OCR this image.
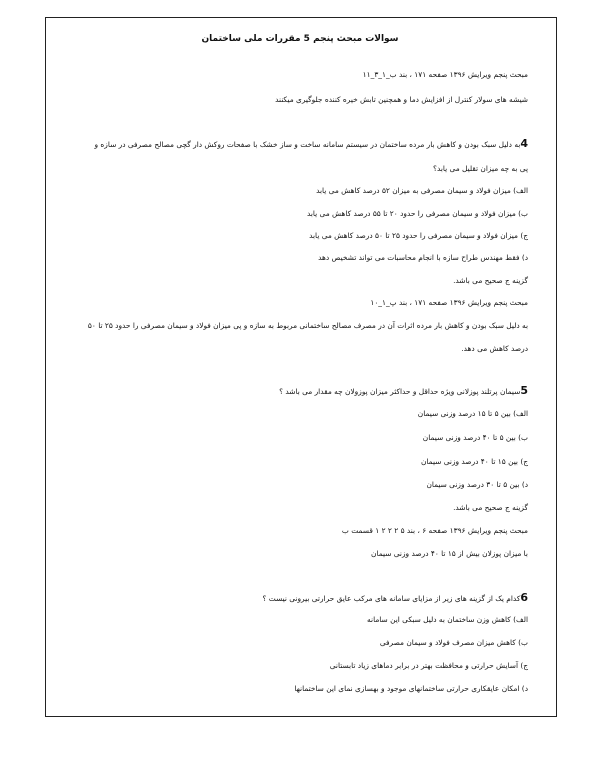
سوالات مبحث پنجم 5 مقررات ملی ساختمان
مبحث پنجم ویرایش ۱۳۹۶ صفحه ۱۷۱ ، بند ب_۱_۳_۱۱
شیشه های سولار کنترل از افزایش دما و همچنین تابش خیره کننده جلوگیری میکنند
4به دلیل سبک بودن و کاهش بار مرده ساختمان در سیستم سامانه ساخت و ساز خشک با صفحات روکش دار گچی مصالح مصرفی در سازه و
پی به چه میزان تقلیل می یابد؟
الف) میزان فولاد و سیمان مصرفی به میزان ۵۲ درصد کاهش می یابد
ب) میزان فولاد و سیمان مصرفی را حدود ۲۰ تا ۵۵ درصد کاهش می یابد
ج) میزان فولاد و سیمان مصرفی را حدود ۲۵ تا ۵۰ درصد کاهش می یابد
د) فقط مهندس طراح سازه با انجام محاسبات می تواند تشخیص دهد
گزینه ج صحیح می باشد.
مبحث پنجم ویرایش ۱۳۹۶ صفحه ۱۷۱ ، بند پ_۱_۱۰
به دلیل سبک بودن و کاهش بار مرده اثرات آن در مصرف مصالح ساختمانی مربوط به سازه و پی میزان فولاد و سیمان مصرفی را حدود ۲۵ تا ۵۰
درصد کاهش می دهد.
5سیمان پرتلند پوزلانی ویژه حداقل و حداکثر میزان پوزولان چه مقدار می باشد ؟
الف) بین ۵ تا ۱۵ درصد وزنی سیمان
ب) بین ۵ تا ۴۰ درصد وزنی سیمان
ج) بین ۱۵ تا ۴۰ درصد وزنی سیمان
د) بین ۵ تا ۳۰ درصد وزنی سیمان
گزینه ج صحیح می باشد.
مبحث پنجم ویرایش ۱۳۹۶ صفحه ۶ ، بند ۵ ۲ ۲ ۲ ۱ قسمت ب
با میزان پوزلان بیش از ۱۵ تا ۴۰ درصد وزنی سیمان
6کدام یک از گزینه های زیر از مزایای سامانه های مرکب عایق حرارتی بیرونی نیست ؟
الف) کاهش وزن ساختمان به دلیل سبکی این سامانه
ب) کاهش میزان مصرف فولاد و سیمان مصرفی
ج) آسایش حرارتی و محافظت بهتر در برابر دماهای زیاد تابستانی
د) امکان عایقکاری حرارتی ساختمانهای موجود و بهسازی نمای این ساختمانها
